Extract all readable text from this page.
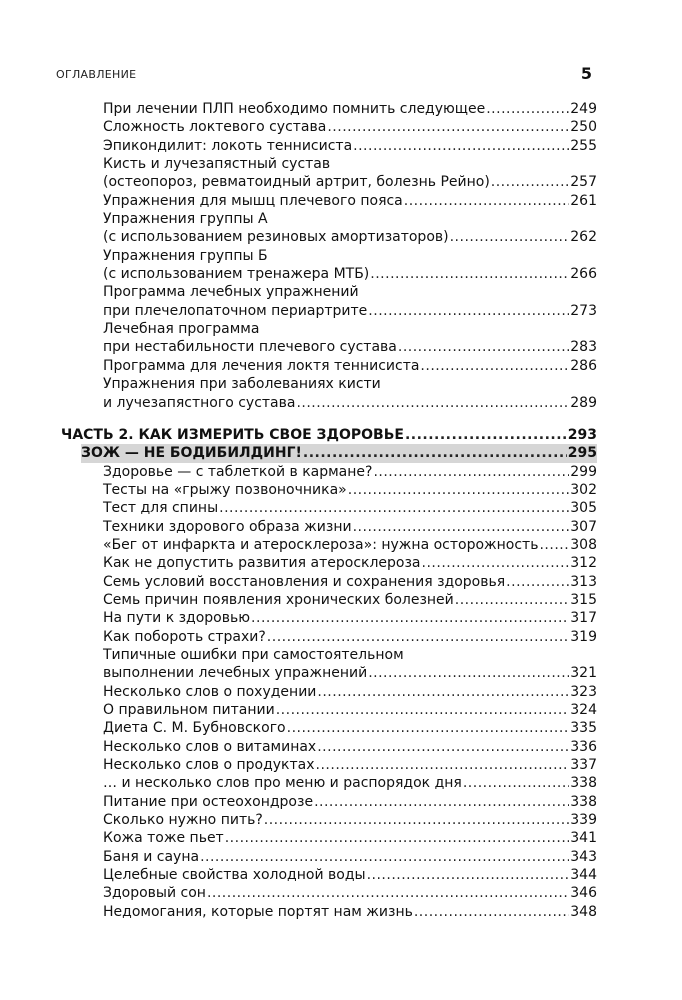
ОГЛАВЛЕНИЕ	5
При лечении ПЛП необходимо помнить следующее .....	249
Сложность локтевого сустава .....	250
Эпикондилит: локоть теннисиста .....	255
Кисть и лучезапястный сустав
(остеопороз, ревматоидный артрит, болезнь Рейно) .....	257
Упражнения для мышц плечевого пояса .....	261
Упражнения группы А
(с использованием резиновых амортизаторов) .....	262
Упражнения группы Б
(с использованием тренажера МТБ) .....	266
Программа лечебных упражнений
при плечелопаточном периартрите .....	273
Лечебная программа
при нестабильности плечевого сустава .....	283
Программа для лечения локтя теннисиста .....	286
Упражнения при заболеваниях кисти
и лучезапястного сустава .....	289
ЧАСТЬ 2. КАК ИЗМЕРИТЬ СВОЕ ЗДОРОВЬЕ .....	293
ЗОЖ — НЕ БОДИБИЛДИНГ! .....	295
Здоровье — с таблеткой в кармане? .....	299
Тесты на «грыжу позвоночника» .....	302
Тест для спины .....	305
Техники здорового образа жизни .....	307
«Бег от инфаркта и атеросклероза»: нужна осторожность ..... 308
Как не допустить развития атеросклероза .....	312
Семь условий восстановления и сохранения здоровья .....	313
Семь причин появления хронических болезней .....	315
На пути к здоровью .....	317
Как побороть страхи? .....	319
Типичные ошибки при самостоятельном
выполнении лечебных упражнений .....	321
Несколько слов о похудении .....	323
О правильном питании .....	324
Диета С. М. Бубновского .....	335
Несколько слов о витаминах .....	336
Несколько слов о продуктах .....	337
… и несколько слов про меню и распорядок дня .....	338
Питание при остеохондрозе .....	338
Сколько нужно пить? .....	339
Кожа тоже пьет .....	341
Баня и сауна .....	343
Целебные свойства холодной воды .....	344
Здоровый сон .....	346
Недомогания, которые портят нам жизнь .....	348
